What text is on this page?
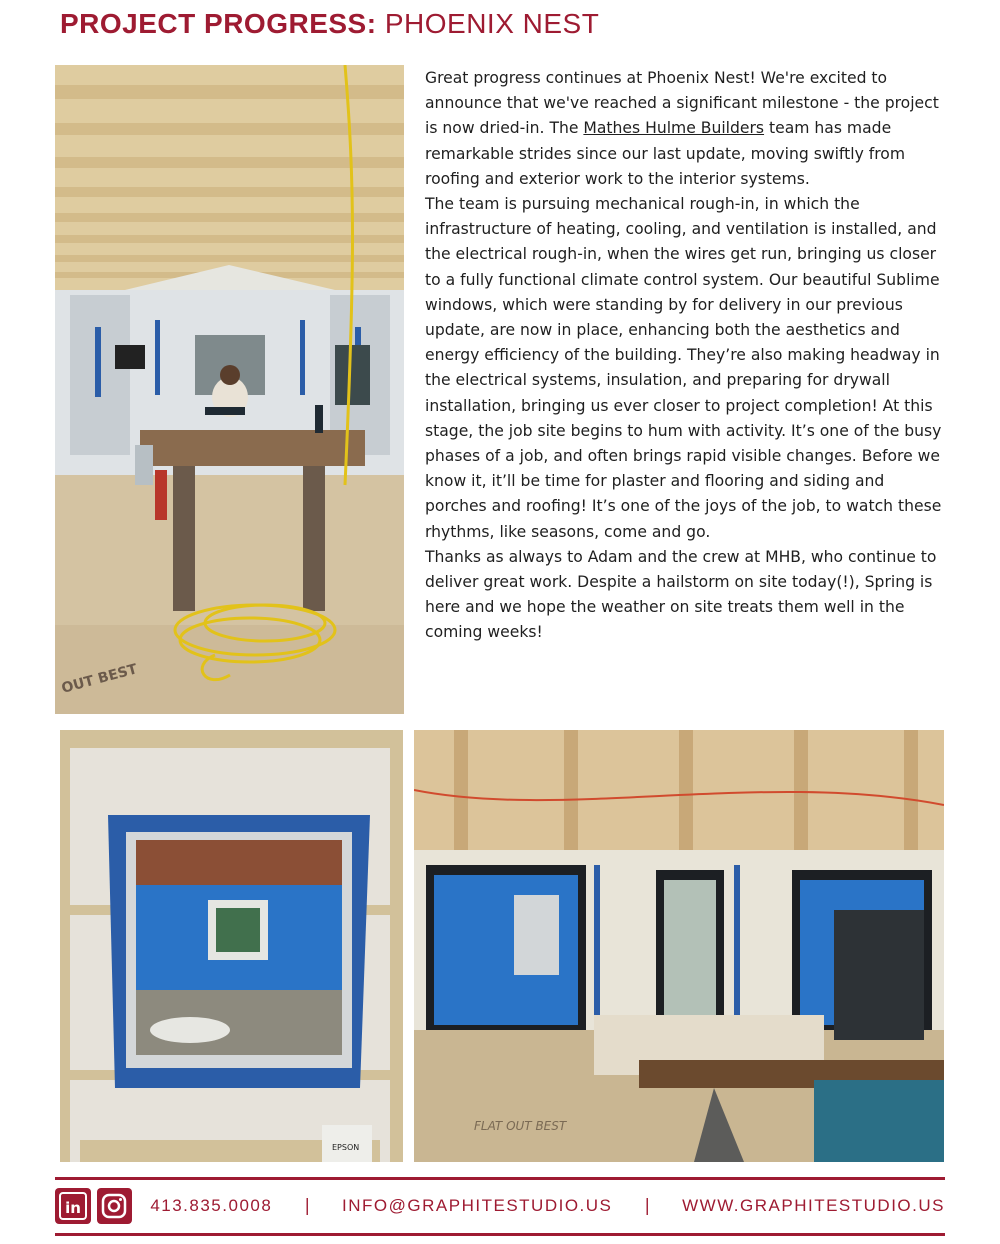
PROJECT PROGRESS: PHOENIX NEST
OUT BEST

Great progress continues at Phoenix Nest! We're excited to announce that we've reached a significant milestone - the project is now dried-in. The Mathes Hulme Builders team has made remarkable strides since our last update, moving swiftly from roofing and exterior work to the interior systems.

The team is pursuing mechanical rough-in, in which the infrastructure of heating, cooling, and ventilation is installed, and the electrical rough-in, when the wires get run, bringing us closer to a fully functional climate control system. Our beautiful Sublime windows, which were standing by for delivery in our previous update, are now in place, enhancing both the aesthetics and energy efficiency of the building. They’re also making headway in the electrical systems, insulation, and preparing for drywall installation, bringing us ever closer to project completion! At this stage, the job site begins to hum with activity. It’s one of the busy phases of a job, and often brings rapid visible changes. Before we know it, it’ll be time for plaster and flooring and siding and porches and roofing! It’s one of the joys of the job, to watch these rhythms, like seasons, come and go.

Thanks as always to Adam and the crew at MHB, who continue to deliver great work. Despite a hailstorm on site today(!), Spring is here and we hope the weather on site treats them well in the coming weeks!

EPSON
FLAT OUT BEST
in	413.835.0008 | INFO@GRAPHITESTUDIO.US | WWW.GRAPHITESTUDIO.US
